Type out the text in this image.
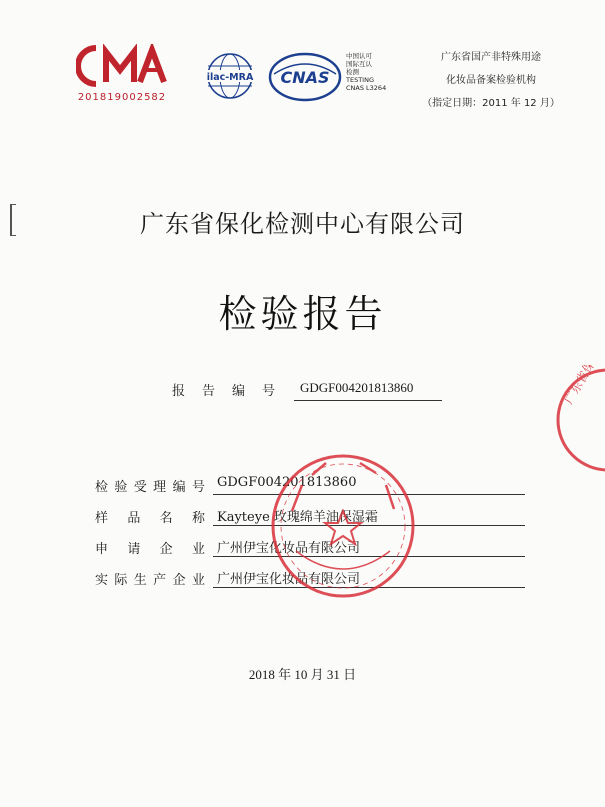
201819002582
ilac-MRA CNAS
中国认可
国际互认
检测
TESTING
CNAS L3264
广东省国产非特殊用途
化妆品备案检验机构
（指定日期：2011 年 12 月）
广东省保化检测中心有限公司
检验报告
报告编号 GDGF004201813860
检 验 受 理 编 号 GDGF004201813860
样 品 名 称 Kayteye 玫瑰绵羊油保湿霜
申 请 企 业 广州伊宝化妆品有限公司
实 际 生 产 企 业 广州伊宝化妆品有限公司
2018 年 10 月 31 日
广东省保
